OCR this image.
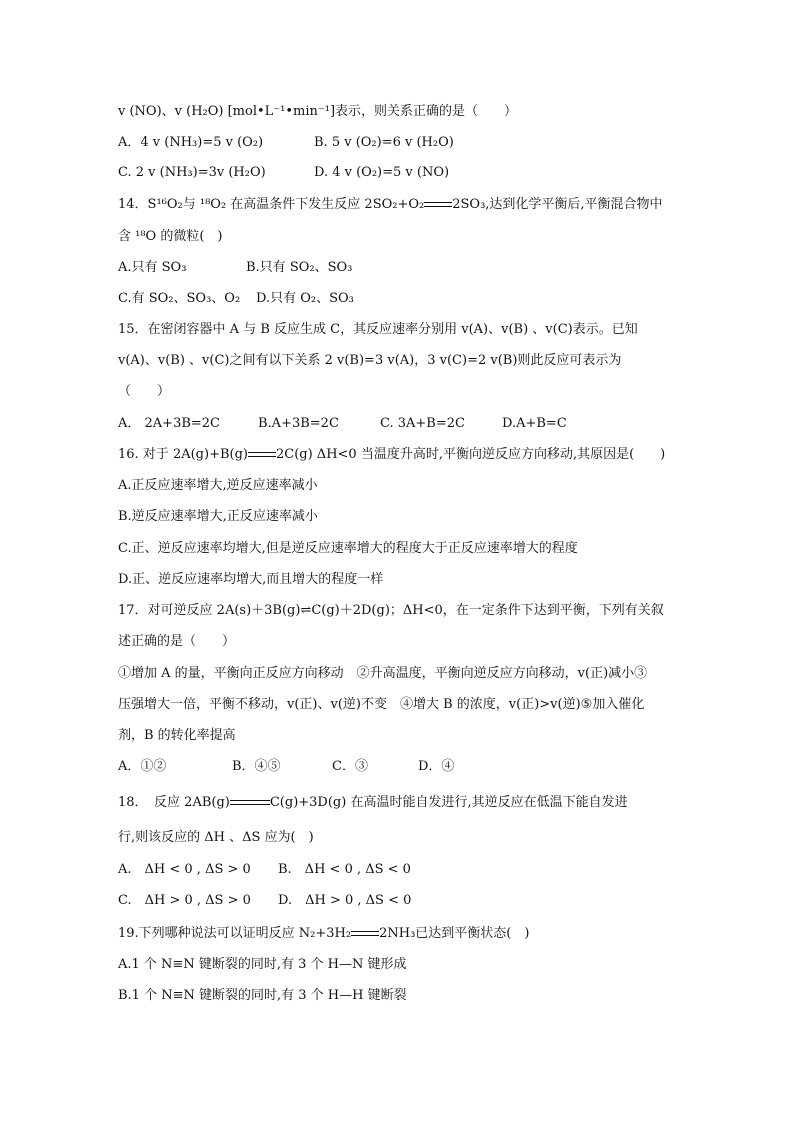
v (NO)、v (H₂O) [mol•L⁻¹•min⁻¹]表示，则关系正确的是（　　）
A．4 v (NH₃)=5 v (O₂)	B. 5 v (O₂)=6 v (H₂O)
C. 2 v (NH₃)=3v (H₂O)	D. 4 v (O₂)=5 v (NO)
14．S¹⁶O₂与 ¹⁸O₂ 在高温条件下发生反应 2SO₂+O₂ 2SO₃,达到化学平衡后,平衡混合物中
含 ¹⁸O 的微粒(　)
A.只有 SO₃	B.只有 SO₂、SO₃
C.有 SO₂、SO₃、O₂ D.只有 O₂、SO₃
15．在密闭容器中 A 与 B 反应生成 C，其反应速率分别用 v(A)、v(B) 、v(C)表示。已知
v(A)、v(B) 、v(C)之间有以下关系 2 v(B)=3 v(A)，3 v(C)=2 v(B)则此反应可表示为
（　　）
A． 2A+3B=2C	B.A+3B=2C	C. 3A+B=2C	D.A+B=C
16. 对于 2A(g)+B(g) 2C(g) ΔH<0 当温度升高时,平衡向逆反应方向移动,其原因是(　　)
A.正反应速率增大,逆反应速率减小
B.逆反应速率增大,正反应速率减小
C.正、逆反应速率均增大,但是逆反应速率增大的程度大于正反应速率增大的程度
D.正、逆反应速率均增大,而且增大的程度一样
17．对可逆反应 2A(s)＋3B(g)⇌C(g)＋2D(g)；ΔH<0，在一定条件下达到平衡，下列有关叙
述正确的是（　　）
①增加 A 的量，平衡向正反应方向移动　②升高温度，平衡向逆反应方向移动，v(正)减小③
压强增大一倍，平衡不移动，v(正)、v(逆)不变　④增大 B 的浓度，v(正)>v(逆)⑤加入催化
剂，B 的转化率提高
A．①②	B．④⑤	C．③	D．④
18．　反应 2AB(g)	C(g)+3D(g) 在高温时能自发进行,其逆反应在低温下能自发进
行,则该反应的 ΔH 、ΔS 应为(　)
A.　ΔH < 0 , ΔS > 0 B.　ΔH < 0 , ΔS < 0
C.　ΔH > 0 , ΔS > 0 D.　ΔH > 0 , ΔS < 0
19.下列哪种说法可以证明反应 N₂+3H₂ 2NH₃已达到平衡状态(　)
A.1 个 N≡N 键断裂的同时,有 3 个 H—N 键形成
B.1 个 N≡N 键断裂的同时,有 3 个 H—H 键断裂
